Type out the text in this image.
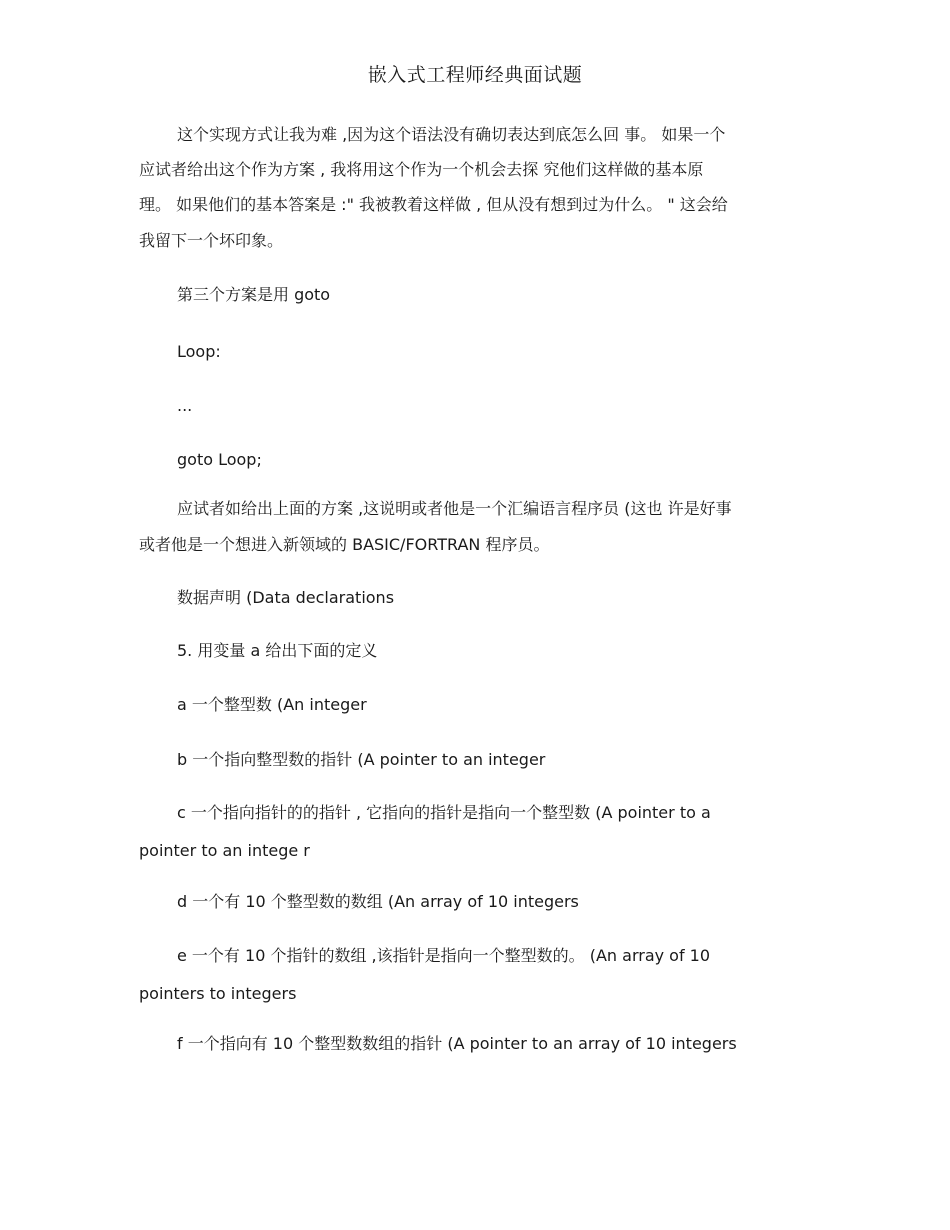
嵌入式工程师经典面试题
这个实现方式让我为难 ,因为这个语法没有确切表达到底怎么回 事。 如果一个
应试者给出这个作为方案 , 我将用这个作为一个机会去探 究他们这样做的基本原
理。 如果他们的基本答案是 :" 我被教着这样做 , 但从没有想到过为什么。 " 这会给
我留下一个坏印象。
第三个方案是用 goto
Loop:
...
goto Loop;
应试者如给出上面的方案 ,这说明或者他是一个汇编语言程序员 (这也 许是好事
或者他是一个想进入新领域的 BASIC/FORTRAN 程序员。
数据声明 (Data declarations
5. 用变量 a 给出下面的定义
a 一个整型数 (An integer
b 一个指向整型数的指针 (A pointer to an integer
c 一个指向指针的的指针 , 它指向的指针是指向一个整型数 (A pointer to a
pointer to an intege r
d 一个有 10 个整型数的数组 (An array of 10 integers
e 一个有 10 个指针的数组 ,该指针是指向一个整型数的。 (An array of 10
pointers to integers
f 一个指向有 10 个整型数数组的指针 (A pointer to an array of 10 integers
